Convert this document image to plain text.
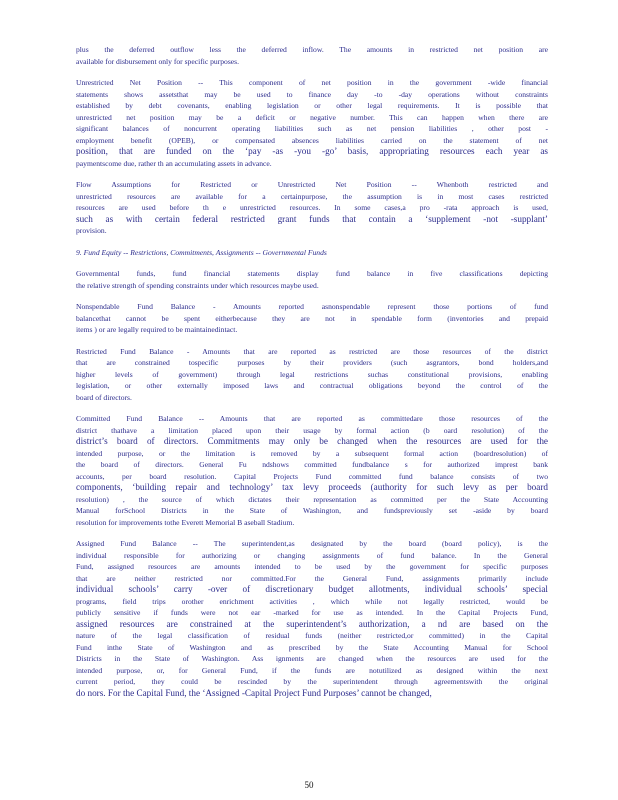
plus the deferred outflow less the deferred inflow. The amounts in restricted net position are
available for disbursement only for specific purposes.
Unrestricted Net Position -- This component of net position in the government -wide financial
statements shows assetsthat may be used to finance day -to -day operations without constraints
established by debt covenants, enabling legislation or other legal requirements. It is possible that
unrestricted net position may be a deficit or negative number. This can happen when there are
significant balances of noncurrent operating liabilities such as net pension liabilities , other post -
employment benefit (OPEB), or compensated absences liabilities carried on the statement of net
position, that are funded on the ‘pay -as -you -go’ basis, appropriating resources each year as
paymentscome due, rather th an accumulating assets in advance.
Flow Assumptions for Restricted or Unrestricted Net Position -- Whenboth restricted and
unrestricted resources are available for a certainpurpose, the assumption is in most cases restricted
resources are used before th e unrestricted resources. In some cases,a pro -rata approach is used,
such as with certain federal restricted grant funds that contain a ‘supplement -not -supplant’
provision.
9. Fund Equity -- Restrictions, Commitments, Assignments -- Governmental Funds
Governmental funds, fund financial statements display fund balance in five classifications depicting
the relative strength of spending constraints under which resources maybe used.
Nonspendable Fund Balance - Amounts reported asnonspendable represent those portions of fund
balancethat cannot be spent eitherbecause they are not in spendable form (inventories and prepaid
items ) or are legally required to be maintainedintact.
Restricted Fund Balance - Amounts that are reported as restricted are those resources of the district
that are constrained tospecific purposes by their providers (such asgrantors, bond holders,and
higher levels of government) through legal restrictions suchas constitutional provisions, enabling
legislation, or other externally imposed laws and contractual obligations beyond the control of the
board of directors.
Committed Fund Balance -- Amounts that are reported as committedare those resources of the
district thathave a limitation placed upon their usage by formal action (b oard resolution) of the
district’s board of directors. Commitments may only be changed when the resources are used for the
intended purpose, or the limitation is removed by a subsequent formal action (boardresolution) of
the board of directors. General Fu ndshows committed fundbalance s for authorized imprest bank
accounts, per board resolution. Capital Projects Fund committed fund balance consists of two
components, ‘building repair and technology’ tax levy proceeds (authority for such levy as per board
resolution) , the source of which dictates their representation as committed per the State Accounting
Manual forSchool Districts in the State of Washington, and fundspreviously set -aside by board
resolution for improvements tothe Everett Memorial B aseball Stadium.
Assigned Fund Balance -- The superintendent,as designated by the board (board policy), is the
individual responsible for authorizing or changing assignments of fund balance. In the General
Fund, assigned resources are amounts intended to be used by the government for specific purposes
that are neither restricted nor committed.For the General Fund, assignments primarily include
individual schools’ carry -over of discretionary budget allotments, individual schools’ special
programs, field trips orother enrichment activities , which while not legally restricted, would be
publicly sensitive if funds were not ear -marked for use as intended. In the Capital Projects Fund,
assigned resources are constrained at the superintendent’s authorization, a nd are based on the
nature of the legal classification of residual funds (neither restricted,or committed) in the Capital
Fund inthe State of Washington and as prescribed by the State Accounting Manual for School
Districts in the State of Washington. Ass ignments are changed when the resources are used for the
intended purpose, or, for General Fund, if the funds are notutilized as designed within the next
current period, they could be rescinded by the superintendent through agreementswith the original
do nors. For the Capital Fund, the ‘Assigned -Capital Project Fund Purposes’ cannot be changed,
50
